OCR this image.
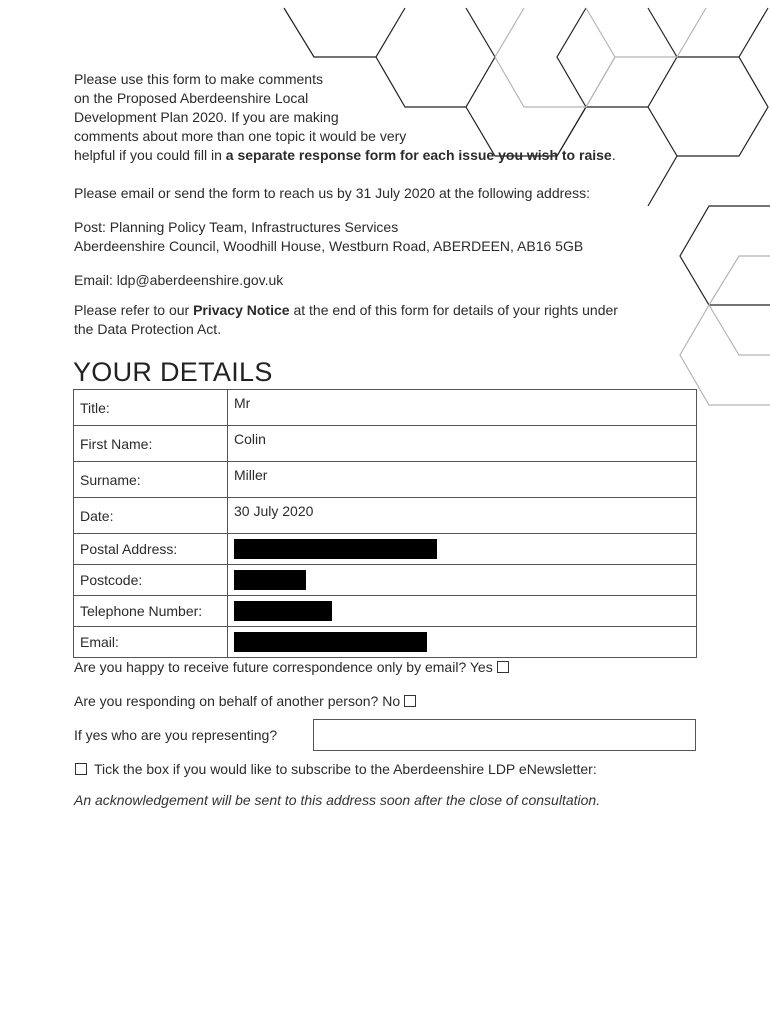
Please use this form to make comments
on the Proposed Aberdeenshire Local
Development Plan 2020. If you are making
comments about more than one topic it would be very
helpful if you could fill in a separate response form for each issue you wish to raise.

Please email or send the form to reach us by 31 July 2020 at the following address:

Post: Planning Policy Team, Infrastructures Services
Aberdeenshire Council, Woodhill House, Westburn Road, ABERDEEN, AB16 5GB

Email: ldp@aberdeenshire.gov.uk

Please refer to our Privacy Notice at the end of this form for details of your rights under
the Data Protection Act.

YOUR DETAILS
Title:	Mr
First Name:	Colin
Surname:	Miller
Date:	30 July 2020
Postal Address:	
Postcode:	
Telephone Number:	
Email:	

Are you happy to receive future correspondence only by email? Yes

Are you responding on behalf of another person? No

If yes who are you representing?

Tick the box if you would like to subscribe to the Aberdeenshire LDP eNewsletter:

An acknowledgement will be sent to this address soon after the close of consultation.
